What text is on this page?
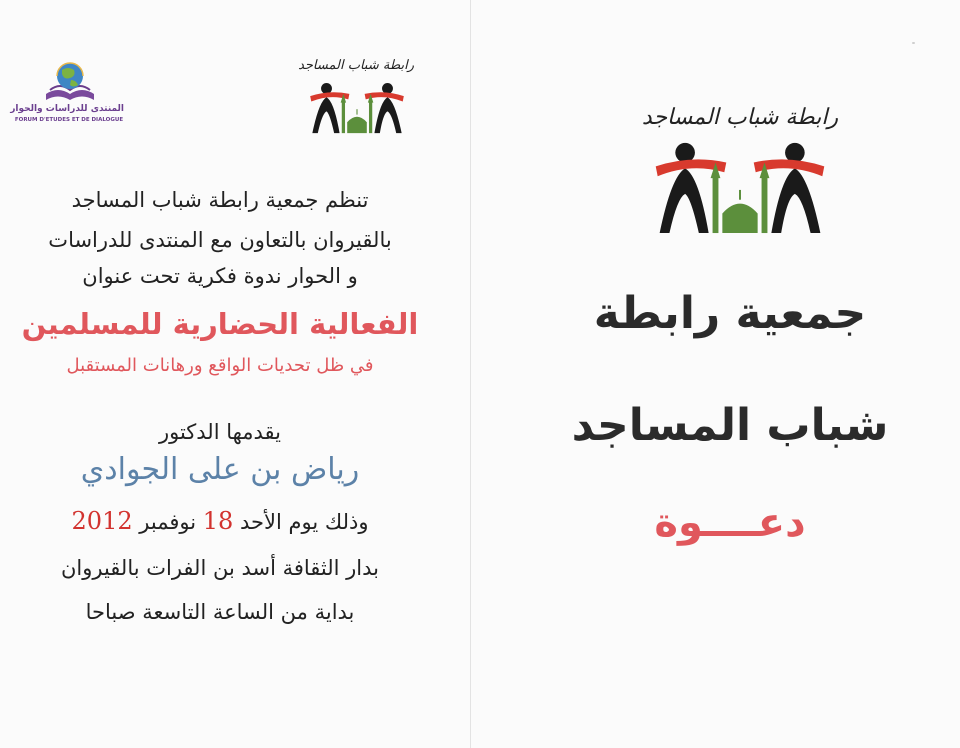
المنتدى للدراسات والحوار
FORUM D'ETUDES ET DE DIALOGUE
رابطة شباب المساجد
تنظم جمعية رابطة شباب المساجد
بالقيروان بالتعاون مع المنتدى للدراسات
و الحوار ندوة فكرية تحت عنوان
الفعالية الحضارية للمسلمين
في ظل تحديات الواقع ورهانات المستقبل
يقدمها الدكتور
رياض بن على الجوادي
وذلك يوم الأحد 18 نوفمبر 2012
بدار الثقافة أسد بن الفرات بالقيروان
بداية من الساعة التاسعة صباحا
رابطة شباب المساجد
جمعية رابطة
شباب المساجد
دعــــوة
